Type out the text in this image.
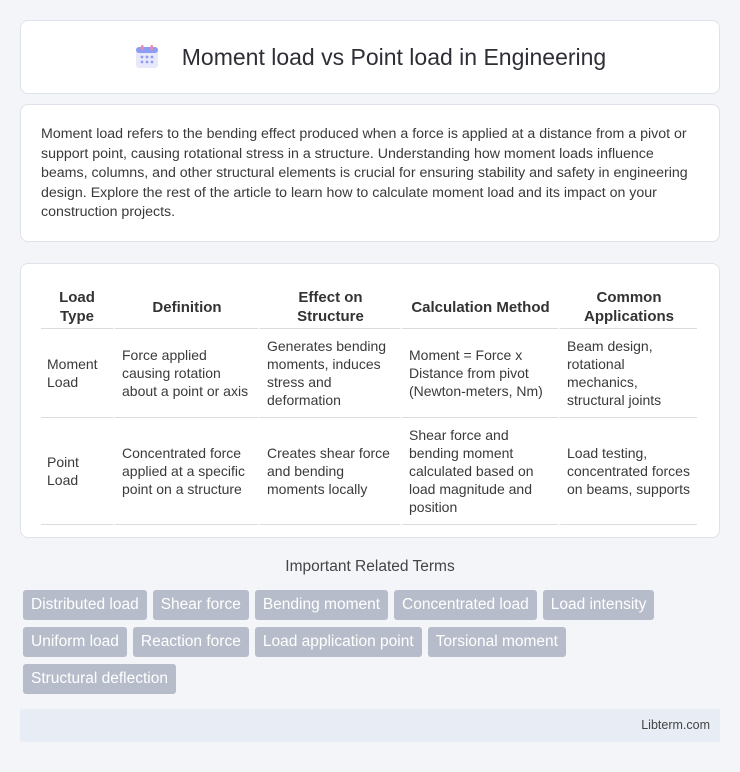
Moment load vs Point load in Engineering

Moment load refers to the bending effect produced when a force is applied at a distance from a pivot or support point, causing rotational stress in a structure. Understanding how moment loads influence beams, columns, and other structural elements is crucial for ensuring stability and safety in engineering design. Explore the rest of the article to learn how to calculate moment load and its impact on your construction projects.

Load Type	Definition	Effect on Structure	Calculation Method	Common Applications
Moment Load	Force applied causing rotation about a point or axis	Generates bending moments, induces stress and deformation	Moment = Force x Distance from pivot (Newton-meters, Nm)	Beam design, rotational mechanics, structural joints
Point Load	Concentrated force applied at a specific point on a structure	Creates shear force and bending moments locally	Shear force and bending moment calculated based on load magnitude and position	Load testing, concentrated forces on beams, supports
Important Related Terms
Distributed load	Shear force	Bending moment	Concentrated load	Load intensity
Uniform load	Reaction force	Load application point	Torsional moment
Structural deflection
Libterm.com
